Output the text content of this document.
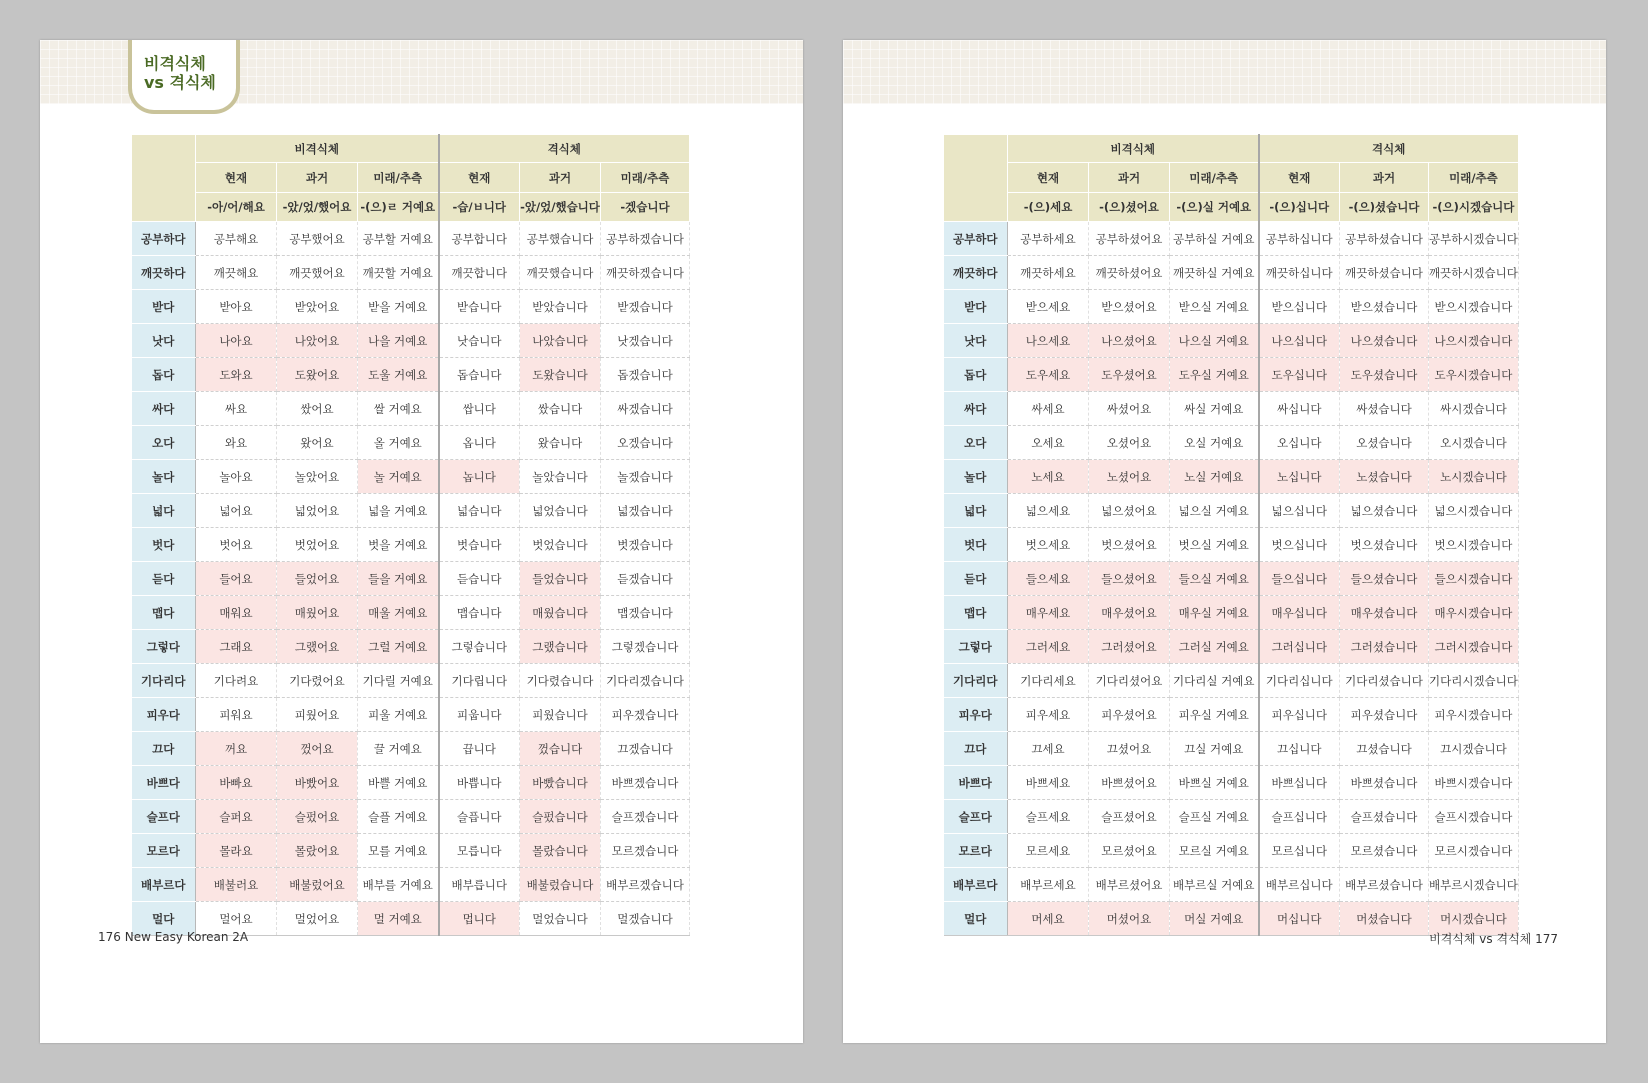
비격식체
vs 격식체
	비격식체			격식체		
	현재	과거	미래/추측	현재	과거	미래/추측
	-아/어/해요	-았/었/했어요	-(으)ㄹ 거예요	-습/ㅂ니다	-았/었/했습니다	-겠습니다
공부하다	공부해요	공부했어요	공부할 거예요	공부합니다	공부했습니다	공부하겠습니다
깨끗하다	깨끗해요	깨끗했어요	깨끗할 거예요	깨끗합니다	깨끗했습니다	깨끗하겠습니다
받다	받아요	받았어요	받을 거예요	받습니다	받았습니다	받겠습니다
낫다	나아요	나았어요	나을 거예요	낫습니다	나았습니다	낫겠습니다
돕다	도와요	도왔어요	도울 거예요	돕습니다	도왔습니다	돕겠습니다
싸다	싸요	쌌어요	쌀 거예요	쌉니다	쌌습니다	싸겠습니다
오다	와요	왔어요	올 거예요	옵니다	왔습니다	오겠습니다
놀다	놀아요	놀았어요	놀 거예요	놉니다	놀았습니다	놀겠습니다
넓다	넓어요	넓었어요	넓을 거예요	넓습니다	넓었습니다	넓겠습니다
벗다	벗어요	벗었어요	벗을 거예요	벗습니다	벗었습니다	벗겠습니다
듣다	들어요	들었어요	들을 거예요	듣습니다	들었습니다	듣겠습니다
맵다	매워요	매웠어요	매울 거예요	맵습니다	매웠습니다	맵겠습니다
그렇다	그래요	그랬어요	그럴 거예요	그렇습니다	그랬습니다	그렇겠습니다
기다리다	기다려요	기다렸어요	기다릴 거예요	기다립니다	기다렸습니다	기다리겠습니다
피우다	피워요	피웠어요	피울 거예요	피웁니다	피웠습니다	피우겠습니다
끄다	꺼요	껐어요	끌 거예요	끕니다	껐습니다	끄겠습니다
바쁘다	바빠요	바빴어요	바쁠 거예요	바쁩니다	바빴습니다	바쁘겠습니다
슬프다	슬퍼요	슬펐어요	슬플 거예요	슬픕니다	슬펐습니다	슬프겠습니다
모르다	몰라요	몰랐어요	모를 거예요	모릅니다	몰랐습니다	모르겠습니다
배부르다	배불러요	배불렀어요	배부를 거예요	배부릅니다	배불렀습니다	배부르겠습니다
멀다	멀어요	멀었어요	멀 거예요	멉니다	멀었습니다	멀겠습니다
176 New Easy Korean 2A
	비격식체			격식체		
	현재	과거	미래/추측	현재	과거	미래/추측
	-(으)세요	-(으)셨어요	-(으)실 거예요	-(으)십니다	-(으)셨습니다	-(으)시겠습니다
공부하다	공부하세요	공부하셨어요	공부하실 거예요	공부하십니다	공부하셨습니다	공부하시겠습니다
깨끗하다	깨끗하세요	깨끗하셨어요	깨끗하실 거예요	깨끗하십니다	깨끗하셨습니다	깨끗하시겠습니다
받다	받으세요	받으셨어요	받으실 거예요	받으십니다	받으셨습니다	받으시겠습니다
낫다	나으세요	나으셨어요	나으실 거예요	나으십니다	나으셨습니다	나으시겠습니다
돕다	도우세요	도우셨어요	도우실 거예요	도우십니다	도우셨습니다	도우시겠습니다
싸다	싸세요	싸셨어요	싸실 거예요	싸십니다	싸셨습니다	싸시겠습니다
오다	오세요	오셨어요	오실 거예요	오십니다	오셨습니다	오시겠습니다
놀다	노세요	노셨어요	노실 거예요	노십니다	노셨습니다	노시겠습니다
넓다	넓으세요	넓으셨어요	넓으실 거예요	넓으십니다	넓으셨습니다	넓으시겠습니다
벗다	벗으세요	벗으셨어요	벗으실 거예요	벗으십니다	벗으셨습니다	벗으시겠습니다
듣다	들으세요	들으셨어요	들으실 거예요	들으십니다	들으셨습니다	들으시겠습니다
맵다	매우세요	매우셨어요	매우실 거예요	매우십니다	매우셨습니다	매우시겠습니다
그렇다	그러세요	그러셨어요	그러실 거예요	그러십니다	그러셨습니다	그러시겠습니다
기다리다	기다리세요	기다리셨어요	기다리실 거예요	기다리십니다	기다리셨습니다	기다리시겠습니다
피우다	피우세요	피우셨어요	피우실 거예요	피우십니다	피우셨습니다	피우시겠습니다
끄다	끄세요	끄셨어요	끄실 거예요	끄십니다	끄셨습니다	끄시겠습니다
바쁘다	바쁘세요	바쁘셨어요	바쁘실 거예요	바쁘십니다	바쁘셨습니다	바쁘시겠습니다
슬프다	슬프세요	슬프셨어요	슬프실 거예요	슬프십니다	슬프셨습니다	슬프시겠습니다
모르다	모르세요	모르셨어요	모르실 거예요	모르십니다	모르셨습니다	모르시겠습니다
배부르다	배부르세요	배부르셨어요	배부르실 거예요	배부르십니다	배부르셨습니다	배부르시겠습니다
멀다	머세요	머셨어요	머실 거예요	머십니다	머셨습니다	머시겠습니다
비격식체 vs 격식체 177
